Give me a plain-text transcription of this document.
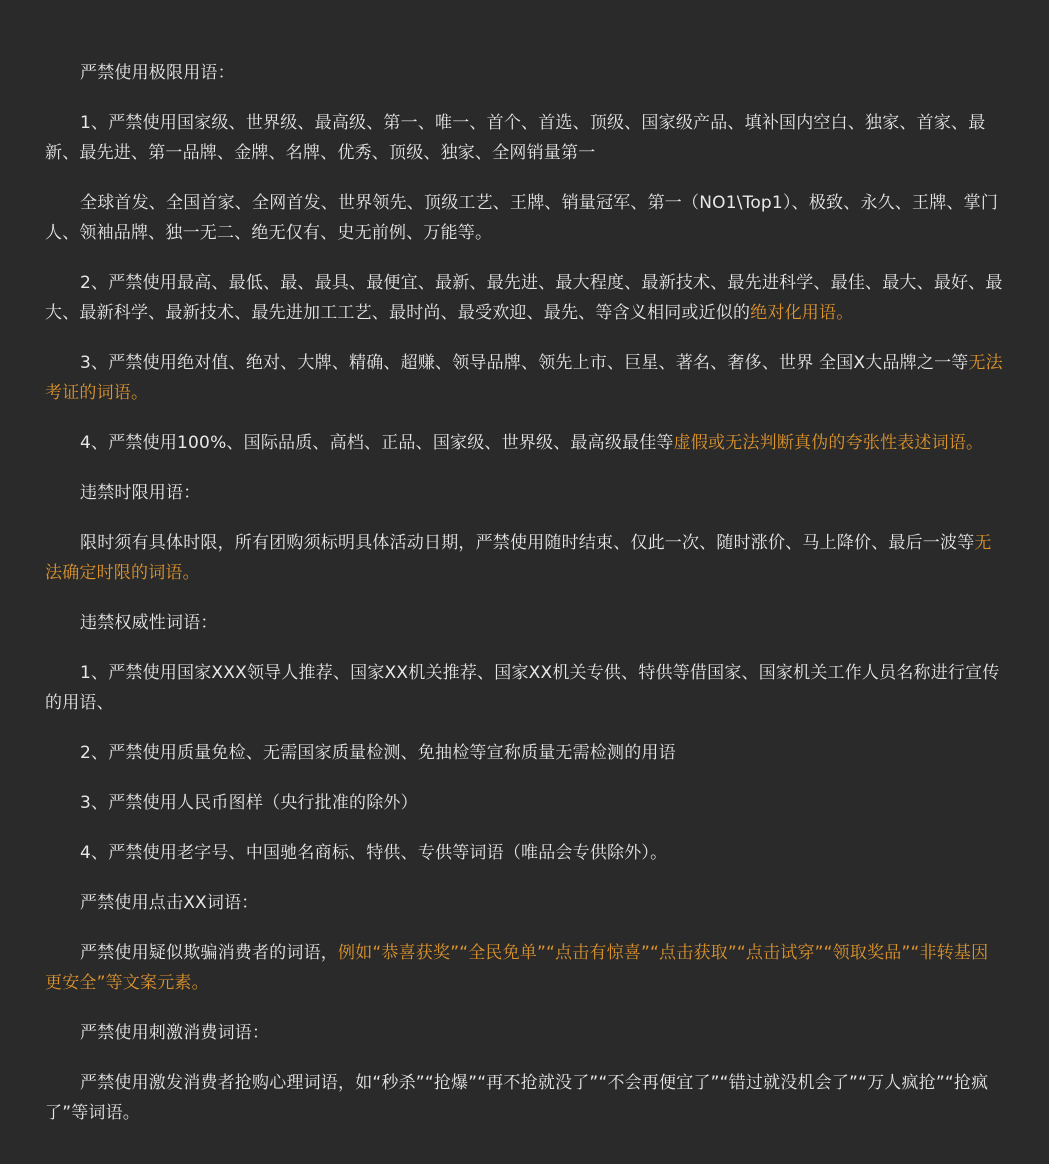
严禁使用极限用语：

1、严禁使用国家级、世界级、最高级、第一、唯一、首个、首选、顶级、国家级产品、填补国内空白、独家、首家、最新、最先进、第一品牌、金牌、名牌、优秀、顶级、独家、全网销量第一

全球首发、全国首家、全网首发、世界领先、顶级工艺、王牌、销量冠军、第一（NO1\Top1）、极致、永久、王牌、掌门人、领袖品牌、独一无二、绝无仅有、史无前例、万能等。

2、严禁使用最高、最低、最、最具、最便宜、最新、最先进、最大程度、最新技术、最先进科学、最佳、最大、最好、最大、最新科学、最新技术、最先进加工工艺、最时尚、最受欢迎、最先、等含义相同或近似的绝对化用语。

3、严禁使用绝对值、绝对、大牌、精确、超赚、领导品牌、领先上市、巨星、著名、奢侈、世界 全国X大品牌之一等无法考证的词语。

4、严禁使用100%、国际品质、高档、正品、国家级、世界级、最高级最佳等虚假或无法判断真伪的夸张性表述词语。

违禁时限用语：

限时须有具体时限，所有团购须标明具体活动日期，严禁使用随时结束、仅此一次、随时涨价、马上降价、最后一波等无法确定时限的词语。

违禁权威性词语：

1、严禁使用国家XXX领导人推荐、国家XX机关推荐、国家XX机关专供、特供等借国家、国家机关工作人员名称进行宣传的用语、

2、严禁使用质量免检、无需国家质量检测、免抽检等宣称质量无需检测的用语

3、严禁使用人民币图样（央行批准的除外）

4、严禁使用老字号、中国驰名商标、特供、专供等词语（唯品会专供除外）。

严禁使用点击XX词语：

严禁使用疑似欺骗消费者的词语，例如“恭喜获奖”“全民免单”“点击有惊喜”“点击获取”“点击试穿”“领取奖品”“非转基因更安全”等文案元素。

严禁使用刺激消费词语：

严禁使用激发消费者抢购心理词语，如“秒杀”“抢爆”“再不抢就没了”“不会再便宜了”“错过就没机会了”“万人疯抢”“抢疯了”等词语。
